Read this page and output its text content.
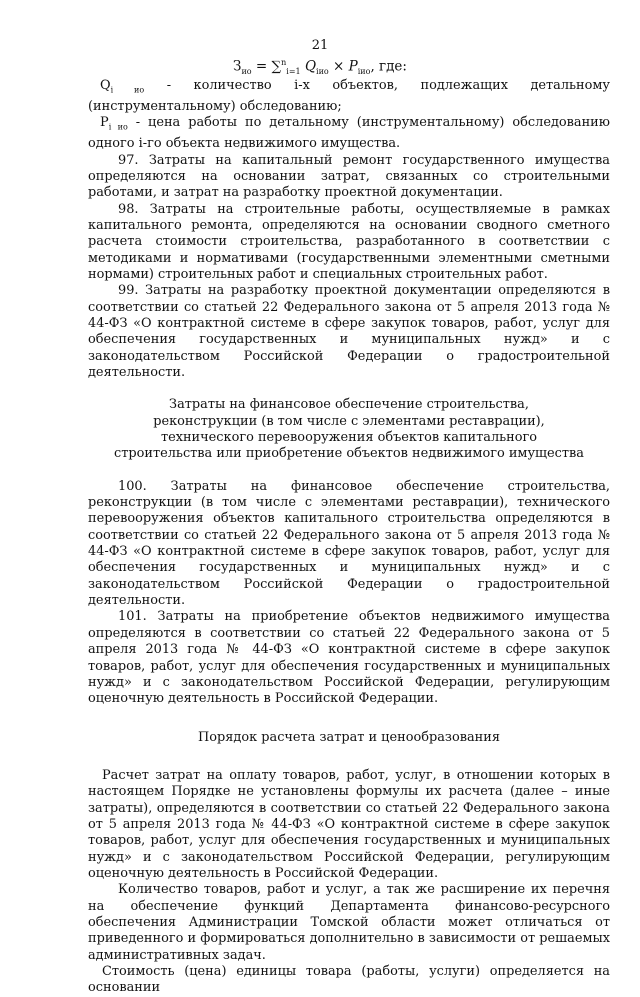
21
$З_{ио} = \sum^n_{i=1}$ $Q_{iио} \times P_{iио}$, где:

$Q_{i ио}$ - количество i-х объектов, подлежащих детальному (инструментальному) обследованию;

$P_{i ио}$ - цена работы по детальному (инструментальному) обследованию одного i-го объекта недвижимого имущества.

97. Затраты на капитальный ремонт государственного имущества определяются на основании затрат, связанных со строительными работами, и затрат на разработку проектной документации.

98. Затраты на строительные работы, осуществляемые в рамках капитального ремонта, определяются на основании сводного сметного расчета стоимости строительства, разработанного в соответствии с методиками и нормативами (государственными элементными сметными нормами) строительных работ и специальных строительных работ.

99. Затраты на разработку проектной документации определяются в соответствии со статьей 22 Федерального закона от 5 апреля 2013 года № 44-ФЗ «О контрактной системе в сфере закупок товаров, работ, услуг для обеспечения государственных и муниципальных нужд» и с законодательством Российской Федерации о градостроительной деятельности.

Затраты на финансовое обеспечение строительства,

реконструкции (в том числе с элементами реставрации),

технического перевооружения объектов капитального

строительства или приобретение объектов недвижимого имущества

100. Затраты на финансовое обеспечение строительства, реконструкции (в том числе с элементами реставрации), технического перевооружения объектов капитального строительства определяются в соответствии со статьей 22 Федерального закона от 5 апреля 2013 года № 44-ФЗ «О контрактной системе в сфере закупок товаров, работ, услуг для обеспечения государственных и муниципальных нужд» и с законодательством Российской Федерации о градостроительной деятельности.

101. Затраты на приобретение объектов недвижимого имущества определяются в соответствии со статьей 22 Федерального закона от 5 апреля 2013 года № 44-ФЗ «О контрактной системе в сфере закупок товаров, работ, услуг для обеспечения государственных и муниципальных нужд» и с законодательством Российской Федерации, регулирующим оценочную деятельность в Российской Федерации.

Порядок расчета затрат и ценообразования

Расчет затрат на оплату товаров, работ, услуг, в отношении которых в настоящем Порядке не установлены формулы их расчета (далее – иные затраты), определяются в соответствии со статьей 22 Федерального закона от 5 апреля 2013 года № 44-ФЗ «О контрактной системе в сфере закупок товаров, работ, услуг для обеспечения государственных и муниципальных нужд» и с законодательством Российской Федерации, регулирующим оценочную деятельность в Российской Федерации.

Количество товаров, работ и услуг, а так же расширение их перечня на обеспечение функций Департамента финансово-ресурсного обеспечения Администрации Томской области может отличаться от приведенного и формироваться дополнительно в зависимости от решаемых административных задач.

Стоимость (цена) единицы товара (работы, услуги) определяется на основании
